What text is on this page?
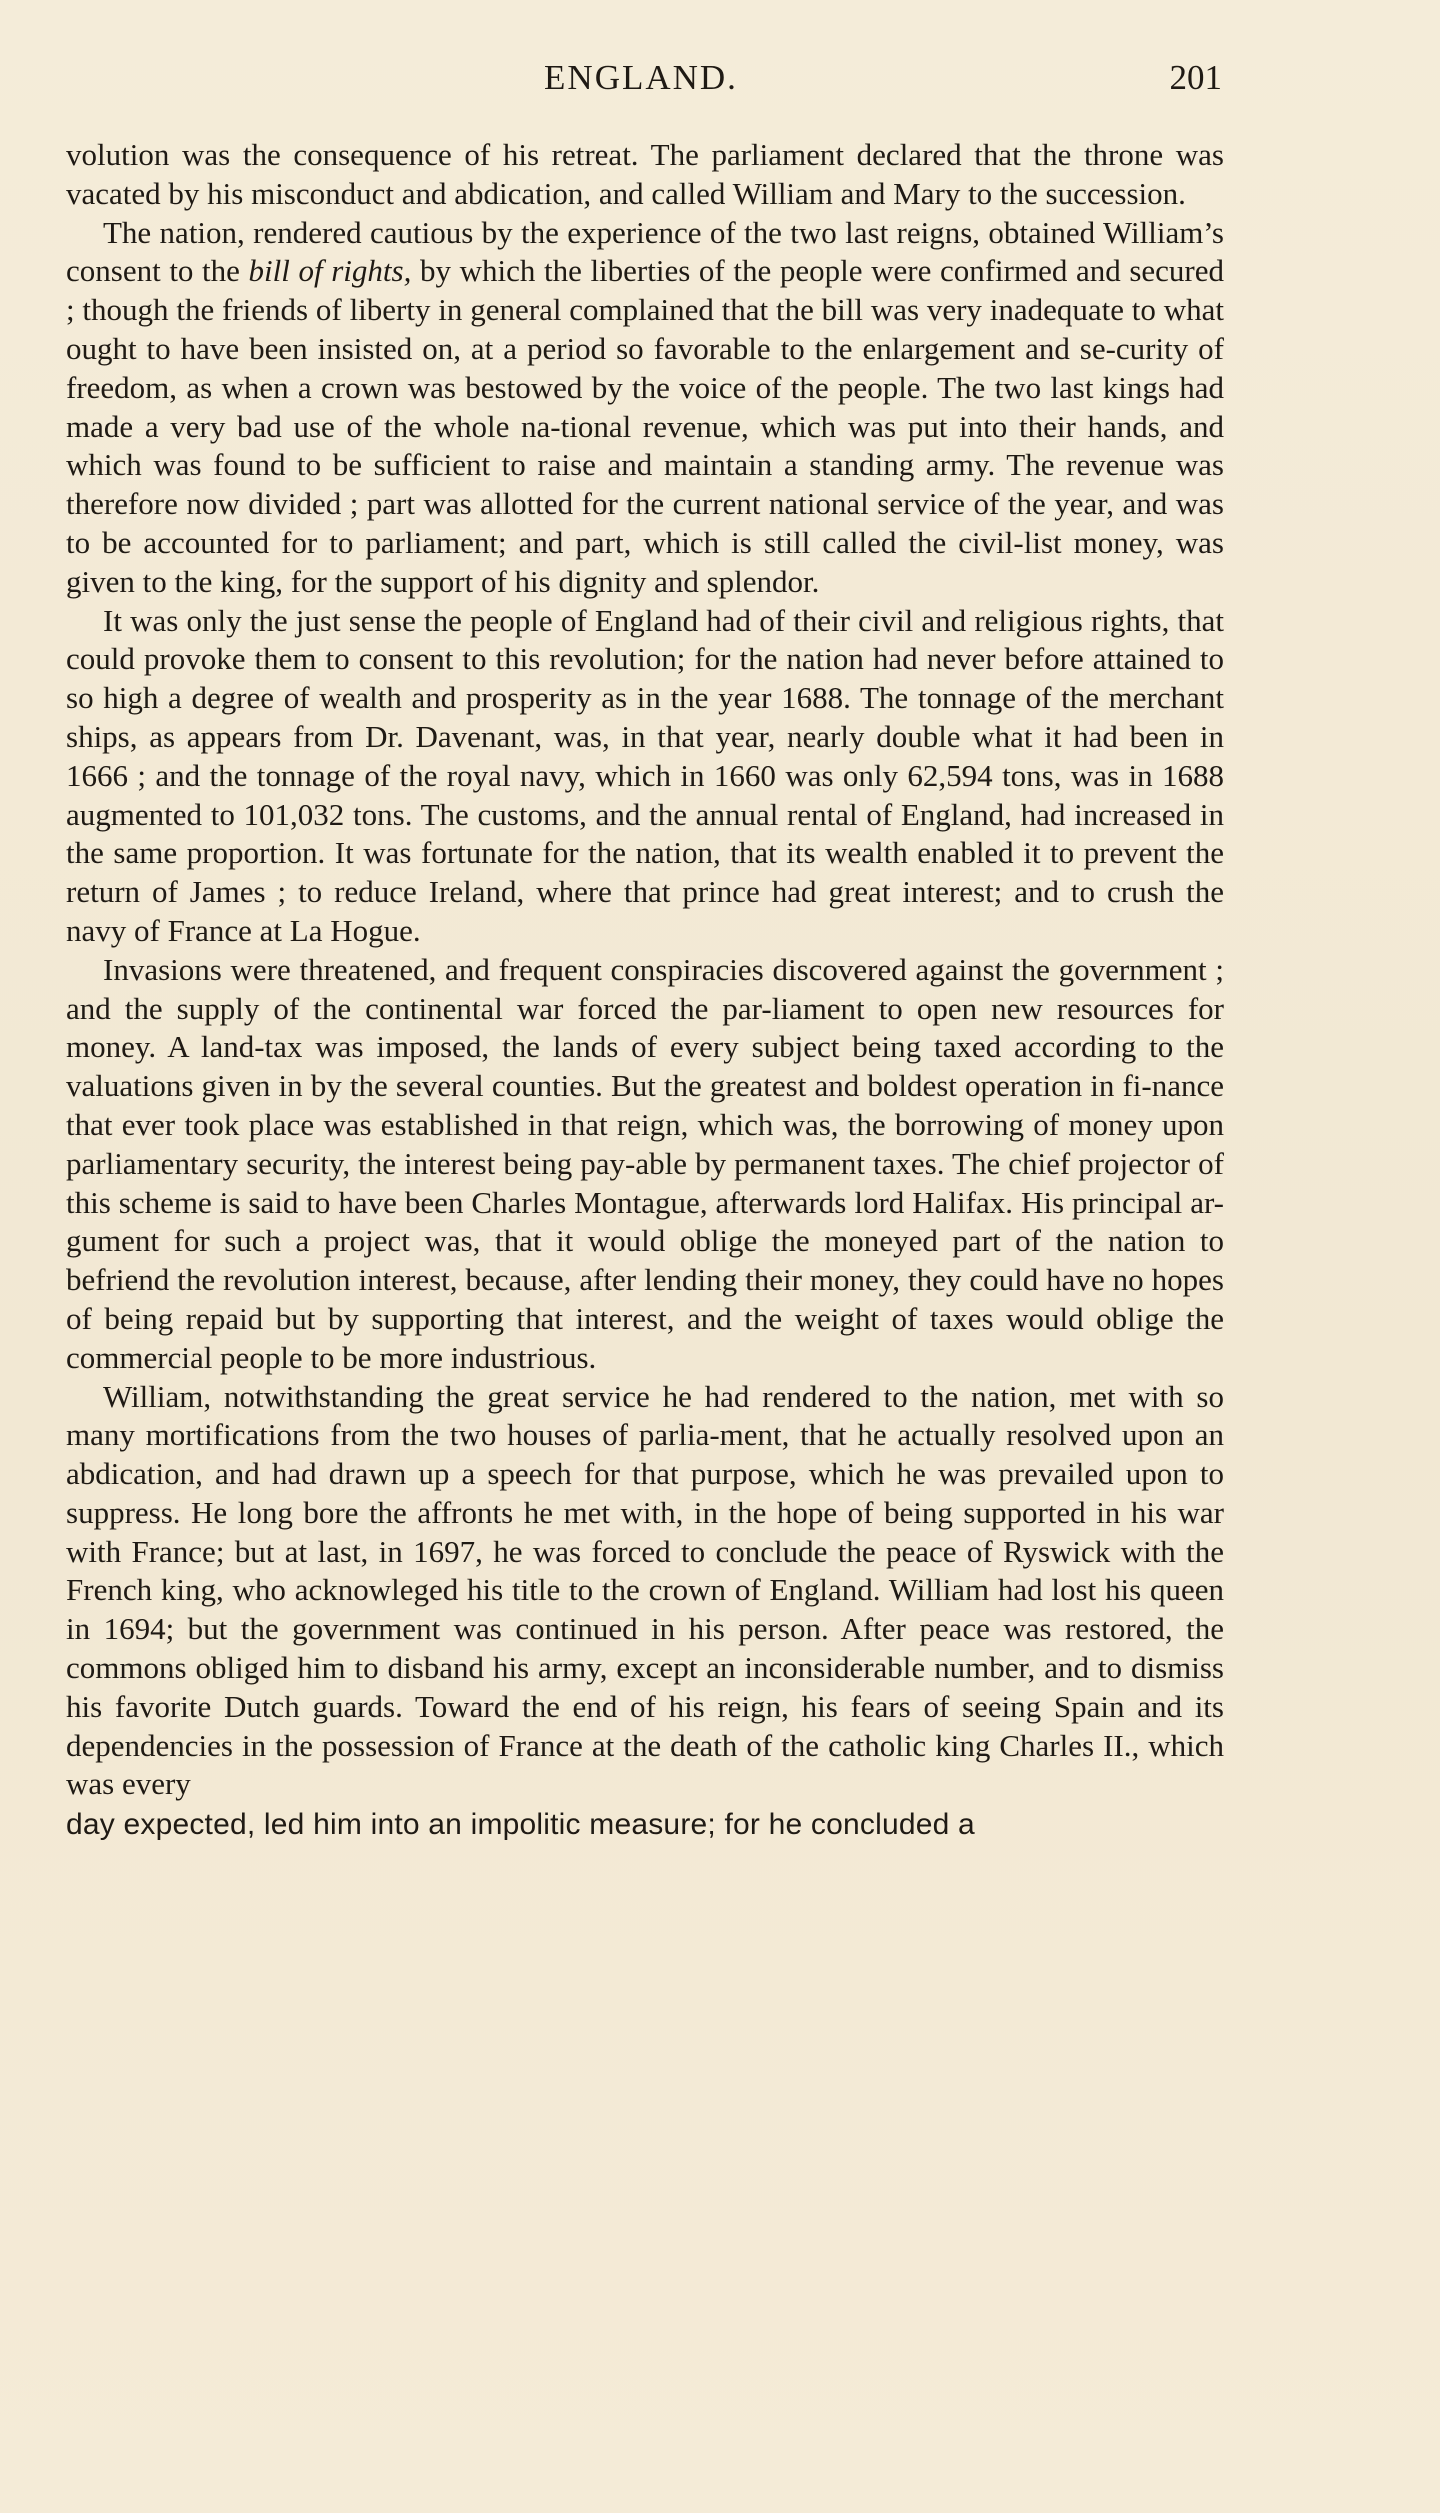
ENGLAND.	201

volution was the consequence of his retreat. The parliament declared that the throne was vacated by his misconduct and abdication, and called William and Mary to the succession.

The nation, rendered cautious by the experience of the two last reigns, obtained William’s consent to the bill of rights, by which the liberties of the people were confirmed and secured ; though the friends of liberty in general complained that the bill was very inadequate to what ought to have been insisted on, at a period so favorable to the enlargement and se-curity of freedom, as when a crown was bestowed by the voice of the people. The two last kings had made a very bad use of the whole na-tional revenue, which was put into their hands, and which was found to be sufficient to raise and maintain a standing army. The revenue was therefore now divided ; part was allotted for the current national service of the year, and was to be accounted for to parliament; and part, which is still called the civil-list money, was given to the king, for the support of his dignity and splendor.

It was only the just sense the people of England had of their civil and religious rights, that could provoke them to consent to this revolution; for the nation had never before attained to so high a degree of wealth and prosperity as in the year 1688. The tonnage of the merchant ships, as appears from Dr. Davenant, was, in that year, nearly double what it had been in 1666 ; and the tonnage of the royal navy, which in 1660 was only 62,594 tons, was in 1688 augmented to 101,032 tons. The customs, and the annual rental of England, had increased in the same proportion. It was fortunate for the nation, that its wealth enabled it to prevent the return of James ; to reduce Ireland, where that prince had great interest; and to crush the navy of France at La Hogue.

Invasions were threatened, and frequent conspiracies discovered against the government ; and the supply of the continental war forced the par-liament to open new resources for money. A land-tax was imposed, the lands of every subject being taxed according to the valuations given in by the several counties. But the greatest and boldest operation in fi-nance that ever took place was established in that reign, which was, the borrowing of money upon parliamentary security, the interest being pay-able by permanent taxes. The chief projector of this scheme is said to have been Charles Montague, afterwards lord Halifax. His principal ar-gument for such a project was, that it would oblige the moneyed part of the nation to befriend the revolution interest, because, after lending their money, they could have no hopes of being repaid but by supporting that interest, and the weight of taxes would oblige the commercial people to be more industrious.

William, notwithstanding the great service he had rendered to the nation, met with so many mortifications from the two houses of parlia-ment, that he actually resolved upon an abdication, and had drawn up a speech for that purpose, which he was prevailed upon to suppress. He long bore the affronts he met with, in the hope of being supported in his war with France; but at last, in 1697, he was forced to conclude the peace of Ryswick with the French king, who acknowleged his title to the crown of England. William had lost his queen in 1694; but the government was continued in his person. After peace was restored, the commons obliged him to disband his army, except an inconsiderable number, and to dismiss his favorite Dutch guards. Toward the end of his reign, his fears of seeing Spain and its dependencies in the possession of France at the death of the catholic king Charles II., which was every

day expected, led him into an impolitic measure; for he concluded a
